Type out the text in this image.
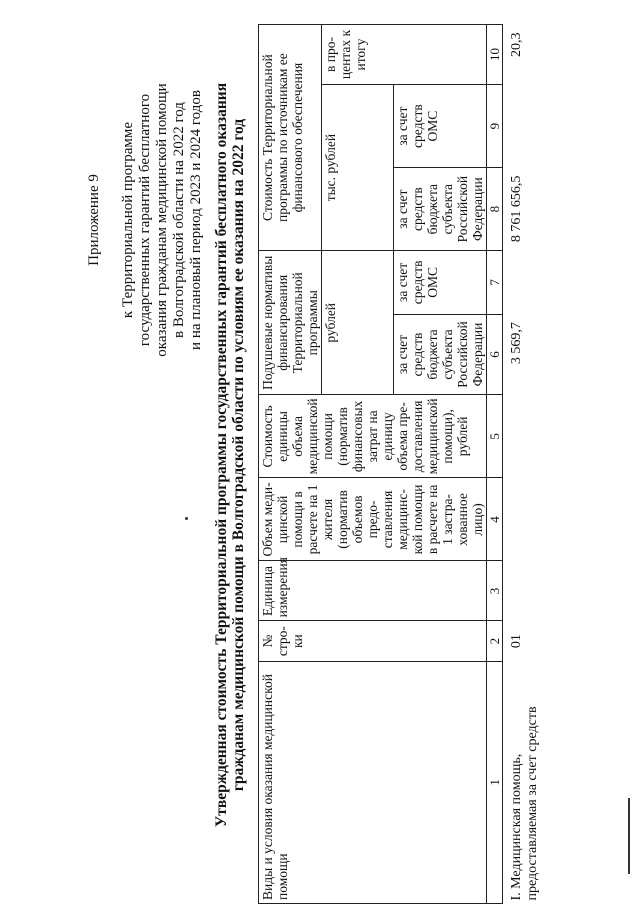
Приложение 9 к Территориальной программе государственных гарантий бесплатного оказания гражданам медицинской помощи в Волгоградской области на 2022 год и на плановый период 2023 и 2024 годов Утвержденная стоимость Территориальной программы государственных гарантий бесплатного оказания гражданам медицинской помощи в Волгоградской области по условиям ее оказания на 2022 год Виды и условия оказания медицинской помощи	№ стро-ки	Единица измерения	Объем меди-цинской помощи в расчете на 1 жителя (норматив объемов предо-ставления медицинс-кой помощи в расчете на 1 застра-хованное лицо)	Стоимость единицы объема медицинской помощи (норматив финансовых затрат на единицу объема пре-доставления медицинской помощи), рублей	Подушевые нормативы финансирования Территориальной программы		Стоимость Территориальной программы по источникам ее финансового обеспечения		
					рублей		тыс. рублей		в про-центах к итогу
					за счет средств бюджета субъекта Российской Федерации	за счет средств ОМС	за счет средств бюджета субъекта Российской Федерации	за счет средств ОМС	
1	2	3	4	5	6	7	8	9	10
I. Медицинская помощь, предоставляемая за счет средств	01				3 569,7		8 761 656,5		20,3
